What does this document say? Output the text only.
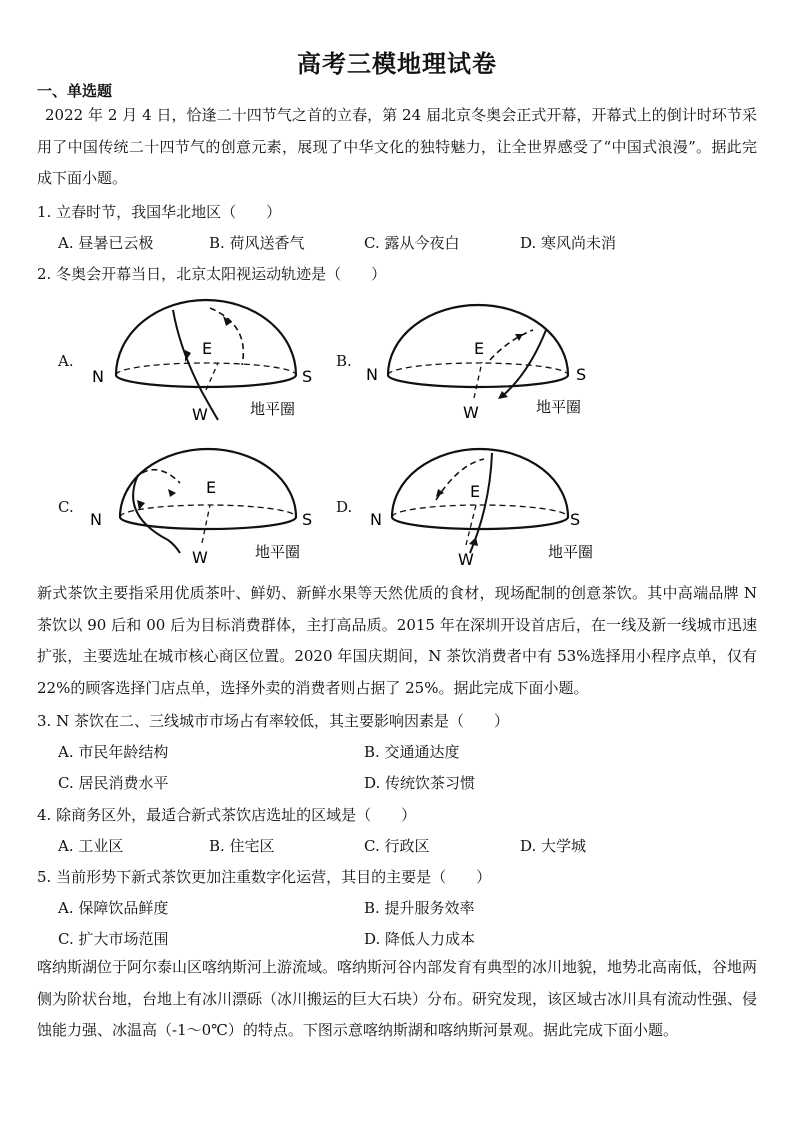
高考三模地理试卷
一、单选题
2022 年 2 月 4 日，恰逢二十四节气之首的立春，第 24 届北京冬奥会正式开幕，开幕式上的倒计时环节采用了中国传统二十四节气的创意元素，展现了中华文化的独特魅力，让全世界感受了“中国式浪漫”。据此完成下面小题。
1. 立春时节，我国华北地区（　　）
A. 昼暑已云极	B. 荷风送香气	C. 露从今夜白	D. 寒风尚未消
2. 冬奥会开幕当日，北京太阳视运动轨迹是（　　）
A.
E
N	S
W	地平圈
B.
E
N	S
W	地平圈
C.
E
N	S
W	地平圈
D.
E
N	S
W	地平圈
新式茶饮主要指采用优质茶叶、鲜奶、新鲜水果等天然优质的食材，现场配制的创意茶饮。其中高端品牌 N 茶饮以 90 后和 00 后为目标消费群体，主打高品质。2015 年在深圳开设首店后，在一线及新一线城市迅速扩张，主要选址在城市核心商区位置。2020 年国庆期间，N 茶饮消费者中有 53%选择用小程序点单，仅有 22%的顾客选择门店点单，选择外卖的消费者则占据了 25%。据此完成下面小题。
3. N 茶饮在二、三线城市市场占有率较低，其主要影响因素是（　　）
A. 市民年龄结构	B. 交通通达度
C. 居民消费水平	D. 传统饮茶习惯
4. 除商务区外，最适合新式茶饮店选址的区域是（　　）
A. 工业区	B. 住宅区	C. 行政区	D. 大学城
5. 当前形势下新式茶饮更加注重数字化运营，其目的主要是（　　）
A. 保障饮品鲜度	B. 提升服务效率
C. 扩大市场范围	D. 降低人力成本
喀纳斯湖位于阿尔泰山区喀纳斯河上游流域。喀纳斯河谷内部发育有典型的冰川地貌，地势北高南低，谷地两侧为阶状台地，台地上有冰川漂砾（冰川搬运的巨大石块）分布。研究发现，该区域古冰川具有流动性强、侵蚀能力强、冰温高（-1～0℃）的特点。下图示意喀纳斯湖和喀纳斯河景观。据此完成下面小题。
